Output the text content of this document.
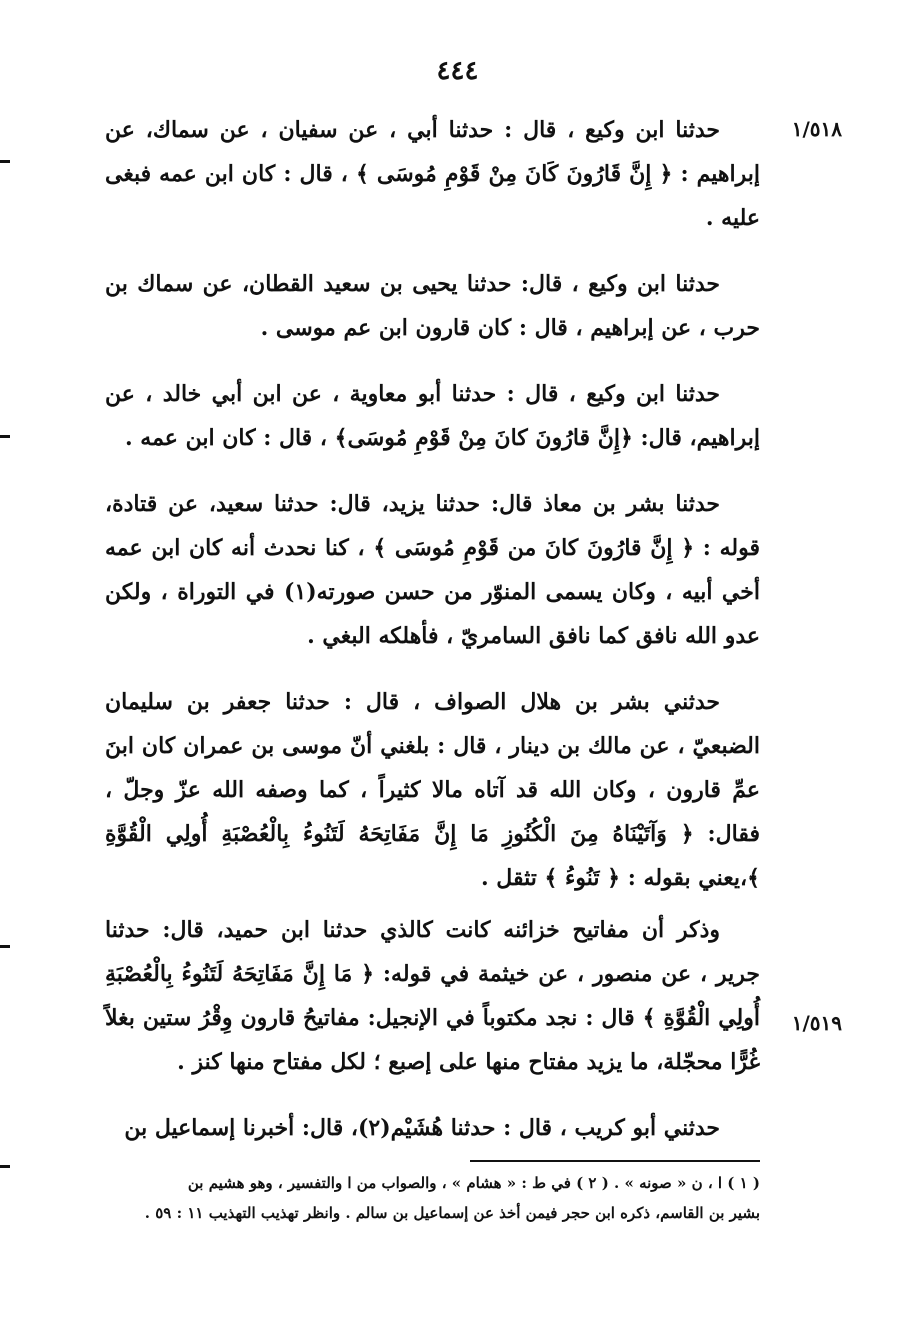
٤٤٤
١/٥١٨
١/٥١٩

حدثنا ابن وكيع ، قال : حدثنا أبي ، عن سفيان ، عن سماك، عن إبراهيم : ﴿ إِنَّ قَارُونَ كَانَ مِنْ قَوْمِ مُوسَى ﴾ ، قال : كان ابن عمه فبغى عليه .

حدثنا ابن وكيع ، قال: حدثنا يحيى بن سعيد القطان، عن سماك بن حرب ، عن إبراهيم ، قال : كان قارون ابن عم موسى .

حدثنا ابن وكيع ، قال : حدثنا أبو معاوية ، عن ابن أبي خالد ، عن إبراهيم، قال: ﴿إِنَّ قارُونَ كانَ مِنْ قَوْمِ مُوسَى﴾ ، قال : كان ابن عمه .

حدثنا بشر بن معاذ قال: حدثنا يزيد، قال: حدثنا سعيد، عن قتادة، قوله : ﴿ إِنَّ قارُونَ كانَ من قَوْمِ مُوسَى ﴾ ، كنا نحدث أنه كان ابن عمه أخي أبيه ، وكان يسمى المنوّر من حسن صورته(١) في التوراة ، ولكن عدو الله نافق كما نافق السامريّ ، فأهلكه البغي .

حدثني بشر بن هلال الصواف ، قال : حدثنا جعفر بن سليمان الضبعيّ ، عن مالك بن دينار ، قال : بلغني أنّ موسى بن عمران كان ابنَ عمِّ قارون ، وكان الله قد آتاه مالا كثيراً ، كما وصفه الله عزّ وجلّ ، فقال: ﴿ وَآتَيْنَاهُ مِنَ الْكُنُوزِ مَا إِنَّ مَفَاتِحَهُ لَتَنُوءُ بِالْعُصْبَةِ أُولِي الْقُوَّةِ ﴾،يعني بقوله : ﴿ تَنُوءُ ﴾ تثقل .

وذكر أن مفاتيح خزائنه كانت كالذي حدثنا ابن حميد، قال: حدثنا جرير ، عن منصور ، عن خيثمة في قوله: ﴿ مَا إِنَّ مَفَاتِحَهُ لَتَنُوءُ بِالْعُصْبَةِ أُولِي الْقُوَّةِ ﴾ قال : نجد مكتوباً في الإنجيل: مفاتيحُ قارون وِقْرُ ستين بغلاً غُرًّا محجّلة، ما يزيد مفتاح منها على إصبع ؛ لكل مفتاح منها كنز .

حدثني أبو كريب ، قال : حدثنا هُشَيْم(٢)، قال: أخبرنا إسماعيل بن

( ١ ) ا ، ن « صونه » . ( ٢ ) في ط : « هشام » ، والصواب من ا والتفسير ، وهو هشيم بن
بشير بن القاسم، ذكره ابن حجر فيمن أخذ عن إسماعيل بن سالم . وانظر تهذيب التهذيب ١١ : ٥٩ .
